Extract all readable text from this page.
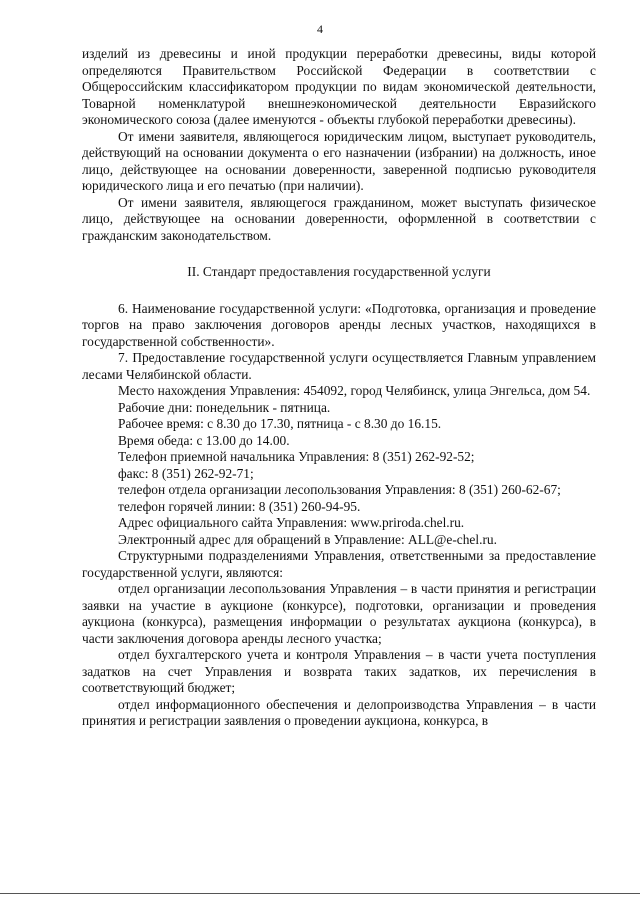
4

изделий из древесины и иной продукции переработки древесины, виды которой определяются Правительством Российской Федерации в соответствии с Общероссийским классификатором продукции по видам экономической деятельности, Товарной номенклатурой внешнеэкономической деятельности Евразийского экономического союза (далее именуются - объекты глубокой переработки древесины).

От имени заявителя, являющегося юридическим лицом, выступает руководитель, действующий на основании документа о его назначении (избрании) на должность, иное лицо, действующее на основании доверенности, заверенной подписью руководителя юридического лица и его печатью (при наличии).

От имени заявителя, являющегося гражданином, может выступать физическое лицо, действующее на основании доверенности, оформленной в соответствии с гражданским законодательством.

II. Стандарт предоставления государственной услуги

6. Наименование государственной услуги: «Подготовка, организация и проведение торгов на право заключения договоров аренды лесных участков, находящихся в государственной собственности».

7. Предоставление государственной услуги осуществляется Главным управлением лесами Челябинской области.

Место нахождения Управления: 454092, город Челябинск, улица Энгельса, дом 54.

Рабочие дни: понедельник - пятница.

Рабочее время: с 8.30 до 17.30, пятница - с 8.30 до 16.15.

Время обеда: с 13.00 до 14.00.

Телефон приемной начальника Управления: 8 (351) 262-92-52;

факс: 8 (351) 262-92-71;

телефон отдела организации лесопользования Управления: 8 (351) 260-62-67;

телефон горячей линии: 8 (351) 260-94-95.

Адрес официального сайта Управления: www.priroda.chel.ru.

Электронный адрес для обращений в Управление: ALL@e-chel.ru.

Структурными подразделениями Управления, ответственными за предоставление государственной услуги, являются:

отдел организации лесопользования Управления – в части принятия и регистрации заявки на участие в аукционе (конкурсе), подготовки, организации и проведения аукциона (конкурса), размещения информации о результатах аукциона (конкурса), в части заключения договора аренды лесного участка;

отдел бухгалтерского учета и контроля Управления – в части учета поступления задатков на счет Управления и возврата таких задатков, их перечисления в соответствующий бюджет;

отдел информационного обеспечения и делопроизводства Управления – в части принятия и регистрации заявления о проведении аукциона, конкурса, в
